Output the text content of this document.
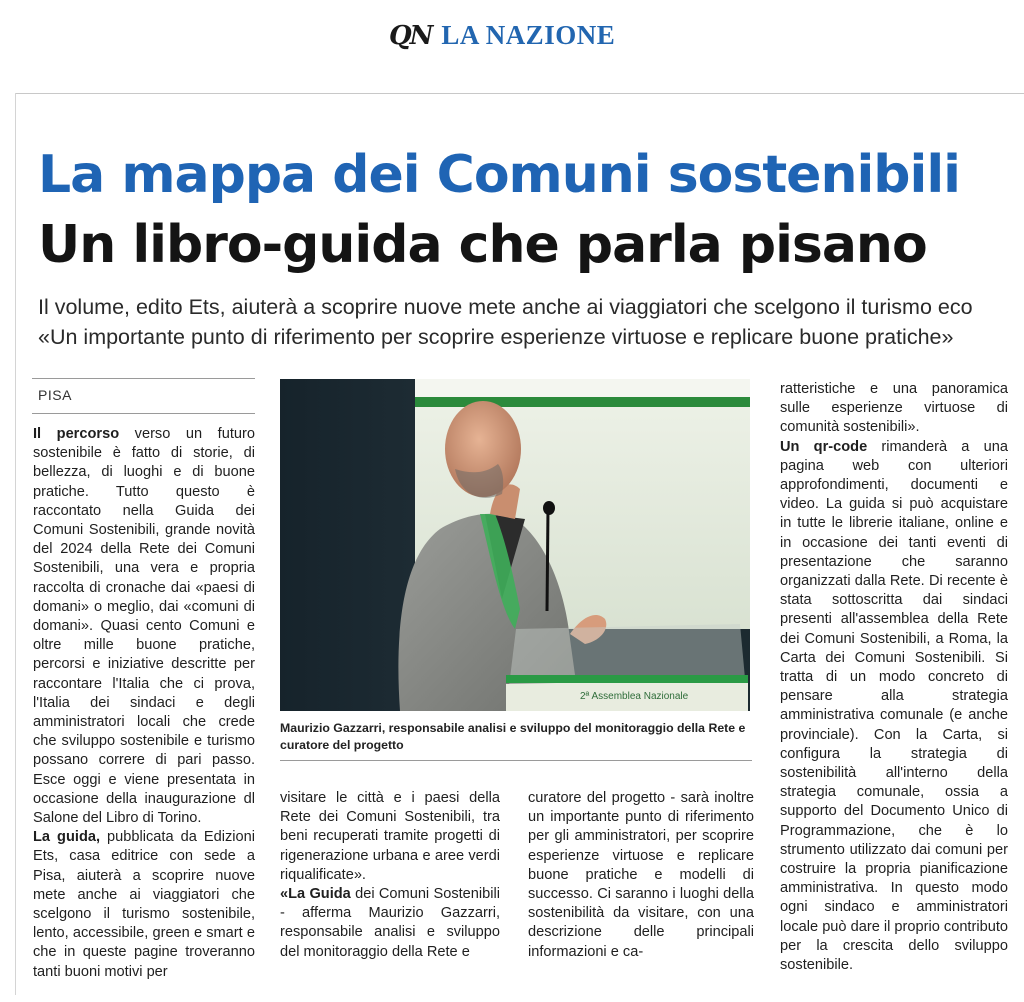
QN LA NAZIONE
La mappa dei Comuni sostenibili
Un libro-guida che parla pisano
Il volume, edito Ets, aiuterà a scoprire nuove mete anche ai viaggiatori che scelgono il turismo eco
«Un importante punto di riferimento per scoprire esperienze virtuose e replicare buone pratiche»
PISA

Il percorso verso un futuro sostenibile è fatto di storie, di bellezza, di luoghi e di buone pratiche. Tutto questo è raccontato nella Guida dei Comuni Sostenibili, grande novità del 2024 della Rete dei Comuni Sostenibili, una vera e propria raccolta di cronache dai «paesi di domani» o meglio, dai «comuni di domani». Quasi cento Comuni e oltre mille buone pratiche, percorsi e iniziative descritte per raccontare l'Italia che ci prova, l'Italia dei sindaci e degli amministratori locali che crede che sviluppo sostenibile e turismo possano correre di pari passo. Esce oggi e viene presentata in occasione della inaugurazione dl Salone del Libro di Torino.

La guida, pubblicata da Edizioni Ets, casa editrice con sede a Pisa, aiuterà a scoprire nuove mete anche ai viaggiatori che scelgono il turismo sostenibile, lento, accessibile, green e smart e che in queste pagine troveranno tanti buoni motivi per

2ª Assemblea Nazionale
Maurizio Gazzarri, responsabile analisi e sviluppo del monitoraggio della Rete e curatore del progetto

visitare le città e i paesi della Rete dei Comuni Sostenibili, tra beni recuperati tramite progetti di rigenerazione urbana e aree verdi riqualificate».

«La Guida dei Comuni Sostenibili - afferma Maurizio Gazzarri, responsabile analisi e sviluppo del monitoraggio della Rete e

curatore del progetto - sarà inoltre un importante punto di riferimento per gli amministratori, per scoprire esperienze virtuose e replicare buone pratiche e modelli di successo. Ci saranno i luoghi della sostenibilità da visitare, con una descrizione delle principali informazioni e ca-

ratteristiche e una panoramica sulle esperienze virtuose di comunità sostenibili».

Un qr-code rimanderà a una pagina web con ulteriori approfondimenti, documenti e video. La guida si può acquistare in tutte le librerie italiane, online e in occasione dei tanti eventi di presentazione che saranno organizzati dalla Rete. Di recente è stata sottoscritta dai sindaci presenti all'assemblea della Rete dei Comuni Sostenibili, a Roma, la Carta dei Comuni Sostenibili. Si tratta di un modo concreto di pensare alla strategia amministrativa comunale (e anche provinciale). Con la Carta, si configura la strategia di sostenibilità all'interno della strategia comunale, ossia a supporto del Documento Unico di Programmazione, che è lo strumento utilizzato dai comuni per costruire la propria pianificazione amministrativa. In questo modo ogni sindaco e amministratori locale può dare il proprio contributo per la crescita dello sviluppo sostenibile.
